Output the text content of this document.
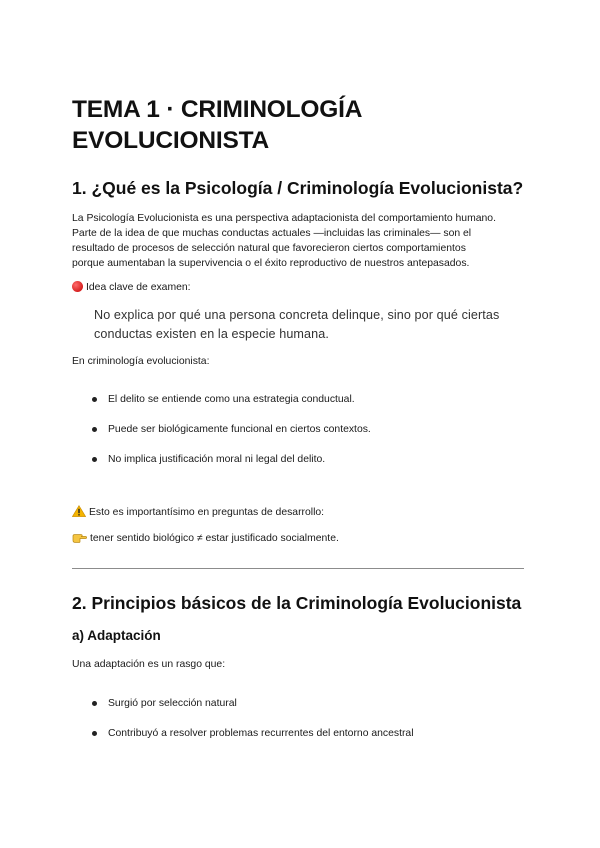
TEMA 1 · CRIMINOLOGÍA
EVOLUCIONISTA
1. ¿Qué es la Psicología / Criminología Evolucionista?
La Psicología Evolucionista es una perspectiva adaptacionista del comportamiento humano.
Parte de la idea de que muchas conductas actuales —incluidas las criminales— son el
resultado de procesos de selección natural que favorecieron ciertos comportamientos
porque aumentaban la supervivencia o el éxito reproductivo de nuestros antepasados.
Idea clave de examen:
No explica por qué una persona concreta delinque, sino por qué ciertas
conductas existen en la especie humana.
En criminología evolucionista:
El delito se entiende como una estrategia conductual.
Puede ser biológicamente funcional en ciertos contextos.
No implica justificación moral ni legal del delito.
Esto es importantísimo en preguntas de desarrollo:
tener sentido biológico ≠ estar justificado socialmente.
2. Principios básicos de la Criminología Evolucionista
a) Adaptación
Una adaptación es un rasgo que:
Surgió por selección natural
Contribuyó a resolver problemas recurrentes del entorno ancestral
